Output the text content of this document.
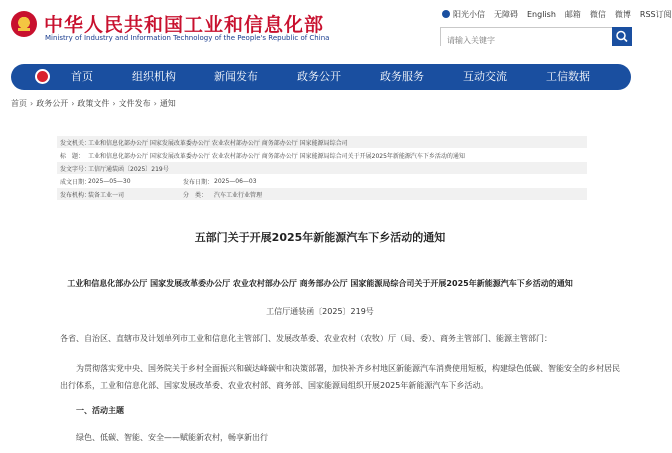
中华人民共和国工业和信息化部
Ministry of Industry and Information Technology of the People's Republic of China
阳光小信 无障碍 English 邮箱 微信 微博 RSS订阅
请输入关键字
首页	组织机构	新闻发布	政务公开	政务服务	互动交流	工信数据
首页 › 政务公开 › 政策文件 › 文件发布 › 通知
发文机关：
工业和信息化部办公厅 国家发展改革委办公厅 农业农村部办公厅 商务部办公厅 国家能源局综合司
标　题： 工业和信息化部办公厅 国家发展改革委办公厅 农业农村部办公厅 商务部办公厅 国家能源局综合司关于开展2025年新能源汽车下乡活动的通知
发文字号：
工信厅通装函〔2025〕219号
成文日期：
2025—05—30	发布日期： 2025—06—03
发布机构：
装备工业一司	分　类： 汽车工业行业管理
五部门关于开展2025年新能源汽车下乡活动的通知
工业和信息化部办公厅 国家发展改革委办公厅 农业农村部办公厅 商务部办公厅 国家能源局综合司关于开展2025年新能源汽车下乡活动的通知
工信厅通装函〔2025〕219号
各省、自治区、直辖市及计划单列市工业和信息化主管部门、发展改革委、农业农村（农牧）厅（局、委）、商务主管部门、能源主管部门：

为贯彻落实党中央、国务院关于乡村全面振兴和碳达峰碳中和决策部署，加快补齐乡村地区新能源汽车消费使用短板，构建绿色低碳、智能安全的乡村居民出行体系，工业和信息化部、国家发展改革委、农业农村部、商务部、国家能源局组织开展2025年新能源汽车下乡活动。

一、活动主题
绿色、低碳、智能、安全——赋能新农村，畅享新出行
